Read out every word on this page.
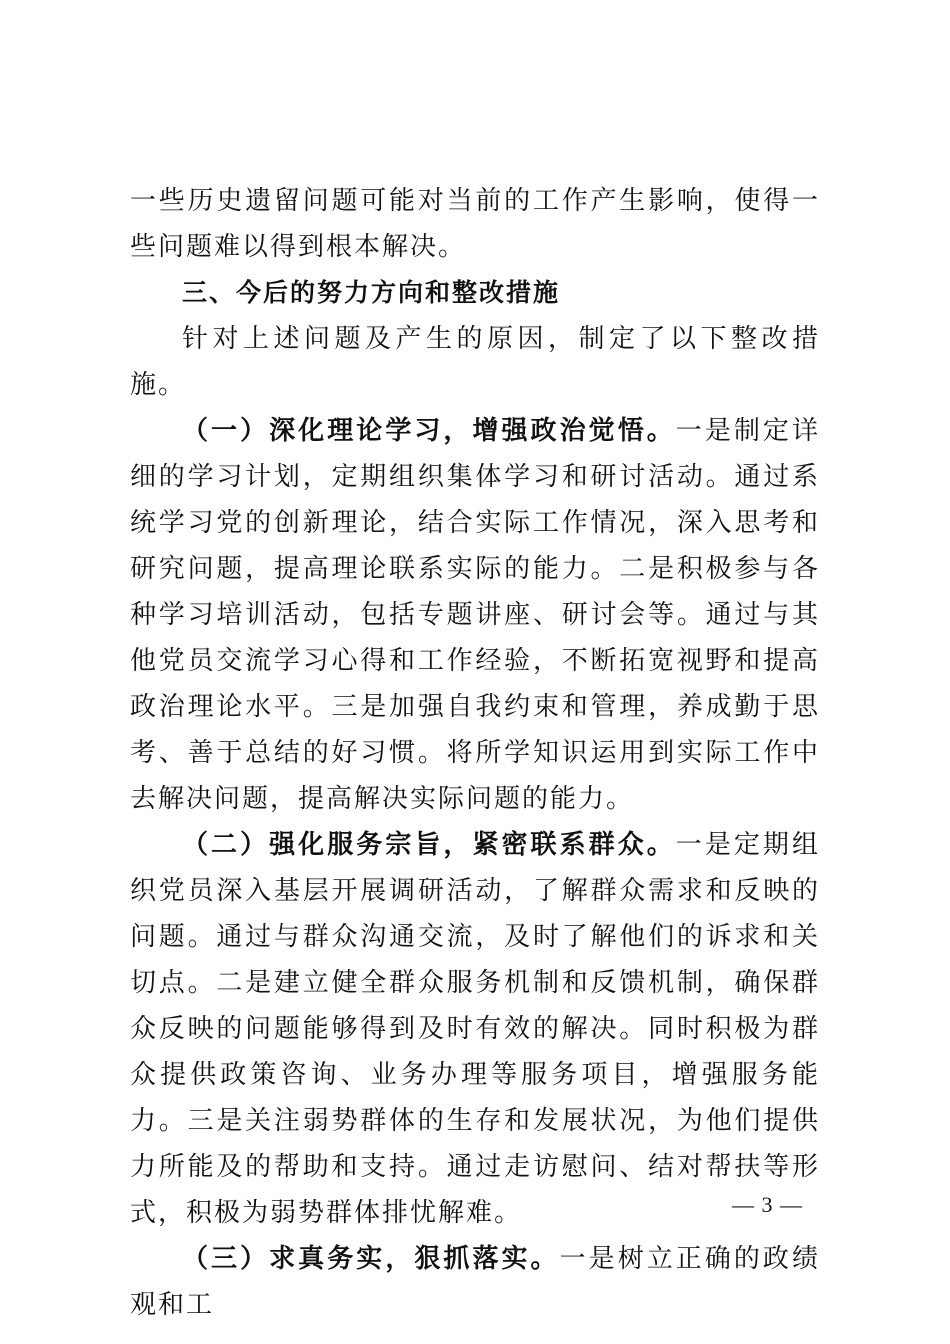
一些历史遗留问题可能对当前的工作产生影响，使得一些问题难以得到根本解决。

三、今后的努力方向和整改措施

针对上述问题及产生的原因，制定了以下整改措施。

（一）深化理论学习，增强政治觉悟。一是制定详细的学习计划，定期组织集体学习和研讨活动。通过系统学习党的创新理论，结合实际工作情况，深入思考和研究问题，提高理论联系实际的能力。二是积极参与各种学习培训活动，包括专题讲座、研讨会等。通过与其他党员交流学习心得和工作经验，不断拓宽视野和提高政治理论水平。三是加强自我约束和管理，养成勤于思考、善于总结的好习惯。将所学知识运用到实际工作中去解决问题，提高解决实际问题的能力。

（二）强化服务宗旨，紧密联系群众。一是定期组织党员深入基层开展调研活动，了解群众需求和反映的问题。通过与群众沟通交流，及时了解他们的诉求和关切点。二是建立健全群众服务机制和反馈机制，确保群众反映的问题能够得到及时有效的解决。同时积极为群众提供政策咨询、业务办理等服务项目，增强服务能力。三是关注弱势群体的生存和发展状况，为他们提供力所能及的帮助和支持。通过走访慰问、结对帮扶等形式，积极为弱势群体排忧解难。

（三）求真务实，狠抓落实。一是树立正确的政绩观和工

— 3 —
